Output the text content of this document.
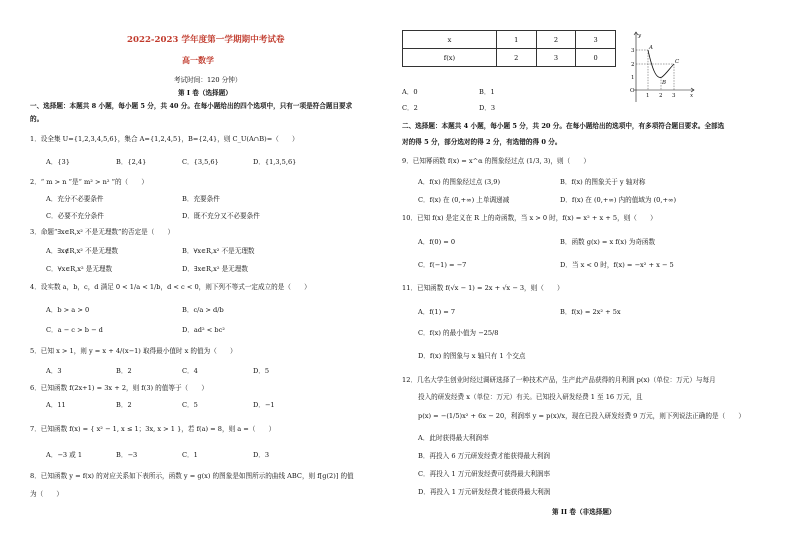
2022-2023 学年度第一学期期中考试卷
高一数学
考试时间：120 分钟）
第 I 卷（选择题）
一、选择题：本题共 8 小题，每小题 5 分，共 40 分。在每小题给出的四个选项中，只有一项是符合题目要求
的。
1．设全集 U={1,2,3,4,5,6}，集合 A={1,2,4,5}，B={2,4}，则 C_U(A∩B)=（　　）
A．{3}	B．{2,4}	C．{3,5,6}	D．{1,3,5,6}
2．“ m > n ”是“ m² > n² ”的（　　）
A．充分不必要条件	B．充要条件
C．必要不充分条件	D．既不充分又不必要条件
3．命题“∃x∈R,x² 不是无理数”的否定是（　　）
A．∃x∉R,x² 不是无理数	B．∀x∈R,x² 不是无理数
C．∀x∈R,x² 是无理数	D．∃x∈R,x² 是无理数
4．设实数 a，b，c，d 满足 0 < 1/a < 1/b，d < c < 0，则下列不等式一定成立的是（　　）
A．b > a > 0	B．c/a > d/b
C．a − c > b − d	D．ad² < bc²
5．已知 x > 1，则 y = x + 4/(x−1) 取得最小值时 x 的值为（　　）
A．3	B．2	C．4	D．5
6．已知函数 f(2x+1) = 3x + 2，则 f(3) 的值等于（　　）
A．11	B．2	C．5	D．−1
7．已知函数 f(x) = { x² − 1, x ≤ 1；3x, x > 1 }，若 f(a) = 8，则 a =（　　）
A．−3 或 1	B．−3	C．1	D．3
8．已知函数 y = f(x) 的对应关系如下表所示，函数 y = g(x) 的图象是如图所示的曲线 ABC，则 f[g(2)] 的值
为（　　）
x	1	2	3
f(x)	2	3	0
O
1
2
3
1 2 3	x
y
A
B
C
A．0	B．1
C．2	D．3
二、选择题：本题共 4 小题，每小题 5 分，共 20 分。在每小题给出的选项中，有多项符合题目要求。全部选
对的得 5 分，部分选对的得 2 分，有选错的得 0 分。
9．已知幂函数 f(x) = x^α 的图象经过点 (1/3, 3)，则（　　）
A．f(x) 的图象经过点 (3,9)	B．f(x) 的图象关于 y 轴对称
C．f(x) 在 (0,+∞) 上单调递减	D．f(x) 在 (0,+∞) 内的值域为 (0,+∞)
10．已知 f(x) 是定义在 R 上的奇函数，当 x > 0 时，f(x) = x² + x + 5，则（　　）
A．f(0) = 0	B．函数 g(x) = x f(x) 为奇函数
C．f(−1) = −7	D．当 x < 0 时，f(x) = −x² + x − 5
11．已知函数 f(√x − 1) = 2x + √x − 3，则（　　）
A．f(1) = 7	B．f(x) = 2x² + 5x
C．f(x) 的最小值为 −25/8
D．f(x) 的图象与 x 轴只有 1 个交点
12．几名大学生创业时经过调研选择了一种技术产品，生产此产品获得的月利润 p(x)（单位：万元）与每月
投入的研发经费 x（单位：万元）有关。已知投入研发经费 1 至 16 万元，且
p(x) = −(1/5)x² + 6x − 20，利润率 y = p(x)/x，现在已投入研发经费 9 万元，则下列说法正确的是（　　）
A．此时获得最大利润率
B．再投入 6 万元研发经费才能获得最大利润
C．再投入 1 万元研发经费可获得最大利润率
D．再投入 1 万元研发经费才能获得最大利润
第 II 卷（非选择题）
